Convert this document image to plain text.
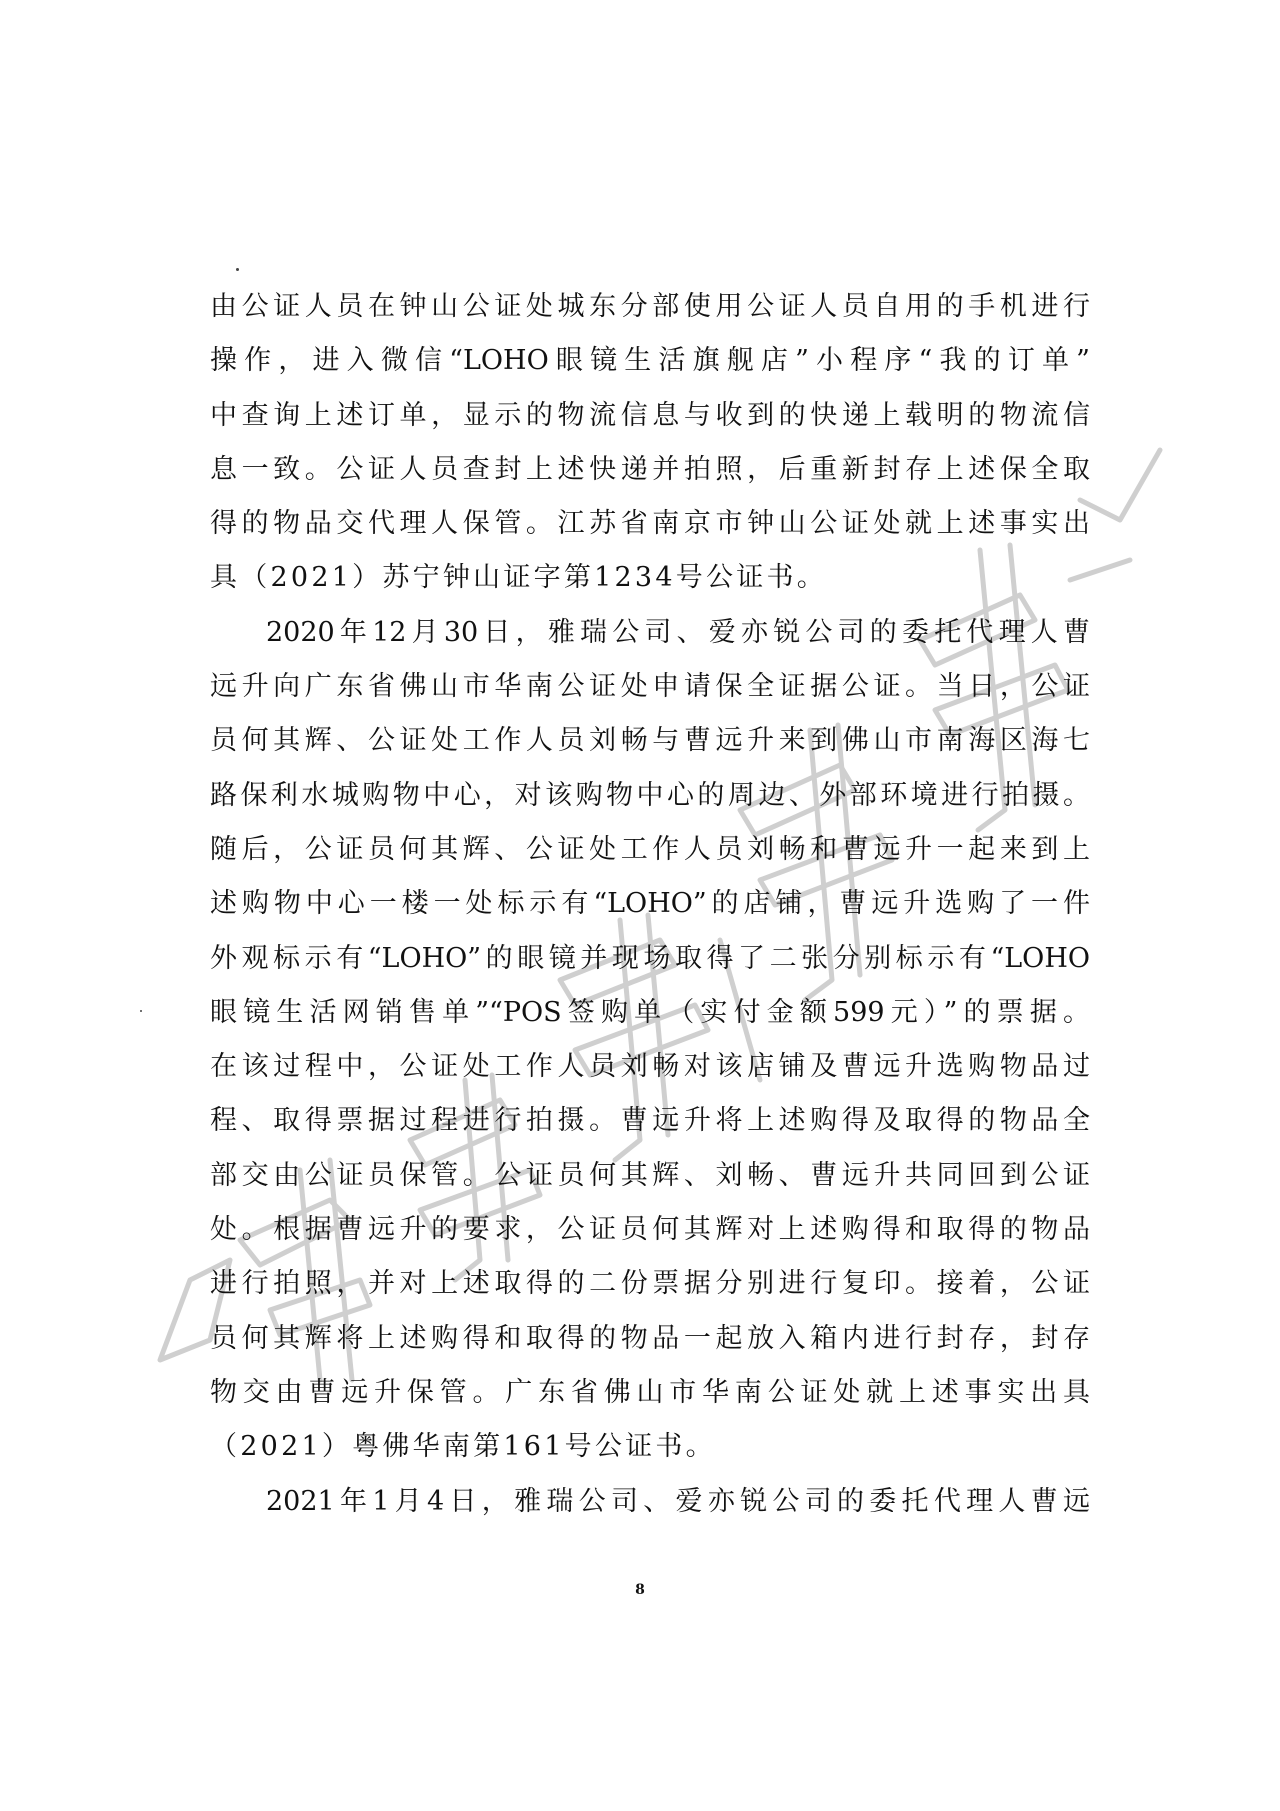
由公证人员在钟山公证处城东分部使用公证人员自用的手机进行
操作，进入微信“LOHO眼镜生活旗舰店”小程序“我的订单”
中查询上述订单，显示的物流信息与收到的快递上载明的物流信
息一致。公证人员查封上述快递并拍照，后重新封存上述保全取
得的物品交代理人保管。江苏省南京市钟山公证处就上述事实出
具（2021）苏宁钟山证字第1234号公证书。
2020年12月30日，雅瑞公司、爱亦锐公司的委托代理人曹
远升向广东省佛山市华南公证处申请保全证据公证。当日，公证
员何其辉、公证处工作人员刘畅与曹远升来到佛山市南海区海七
路保利水城购物中心，对该购物中心的周边、外部环境进行拍摄。
随后，公证员何其辉、公证处工作人员刘畅和曹远升一起来到上
述购物中心一楼一处标示有“LOHO”的店铺，曹远升选购了一件
外观标示有“LOHO”的眼镜并现场取得了二张分别标示有“LOHO
眼镜生活网销售单”“POS签购单（实付金额599元）”的票据。
在该过程中，公证处工作人员刘畅对该店铺及曹远升选购物品过
程、取得票据过程进行拍摄。曹远升将上述购得及取得的物品全
部交由公证员保管。公证员何其辉、刘畅、曹远升共同回到公证
处。根据曹远升的要求，公证员何其辉对上述购得和取得的物品
进行拍照，并对上述取得的二份票据分别进行复印。接着，公证
员何其辉将上述购得和取得的物品一起放入箱内进行封存，封存
物交由曹远升保管。广东省佛山市华南公证处就上述事实出具
（2021）粤佛华南第161号公证书。
2021年1月4日，雅瑞公司、爱亦锐公司的委托代理人曹远
8
